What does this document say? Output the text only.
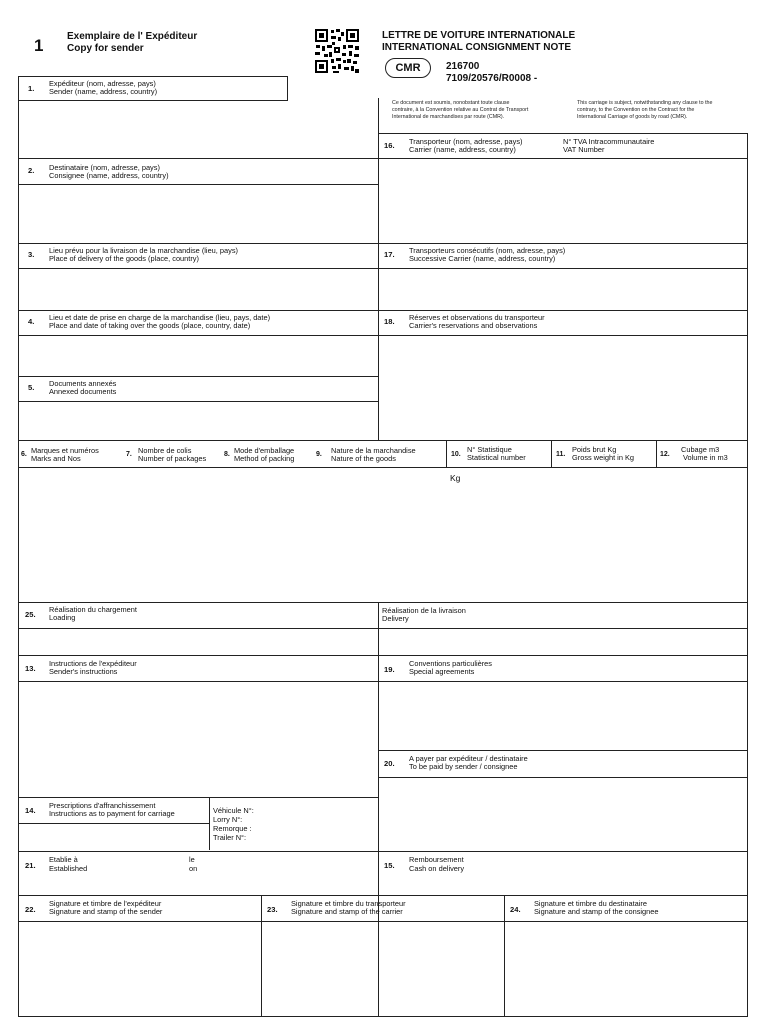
1 Exemplaire de l' Expéditeur
Copy for sender
LETTRE DE VOITURE INTERNATIONALE
INTERNATIONAL CONSIGNMENT NOTE
CMR	216700
7109/20576/R0008 -
1.
Expéditeur (nom, adresse, pays)
Sender (name, address, country)
Ce document est soumis, nonobstant toute clause
contraire, à la Convention relative au Contrat de Transport
International de marchandises par route (CMR).
This carriage is subject, notwithstanding any clause to the
contrary, to the Convention on the Contract for the
International Carriage of goods by road (CMR).
2. Destinataire (nom, adresse, pays)
Consignee (name, address, country)
3. Lieu prévu pour la livraison de la marchandise (lieu, pays)
Place of delivery of the goods (place, country)
4. Lieu et date de prise en charge de la marchandise (lieu, pays, date)
Place and date of taking over the goods (place, country, date)
5. Documents annexés
Annexed documents
16. Transporteur (nom, adresse, pays)
Carrier (name, address, country)
N° TVA Intracommunautaire
VAT Number
17. Transporteurs consécutifs (nom, adresse, pays)
Successive Carrier (name, address, country)
18. Réserves et observations du transporteur
Carrier's reservations and observations
6. Marques et numéros
Marks and Nos	7. Nombre de colis
Number of packages	8. Mode d'emballage
Method of packing	9. Nature de la marchandise
Nature of the goods	10.
N° Statistique
Statistical number	11.
Poids brut Kg
Gross weight in Kg	12.
Cubage m3
Volume in m3
Kg
25.
Réalisation du chargement
Loading
Réalisation de la livraison
Delivery
13.
Instructions de l'expéditeur
Sender's instructions	19.
Conventions particulières
Special agreements
20.
A payer par expéditeur / destinataire
To be paid by sender / consignee
14.
Prescriptions d'affranchissement
Instructions as to payment for carriage	Véhicule N°:
Lorry N°:
Remorque :
Trailer N°:
21.
Etablie à
Established
le
on	15.
Remboursement
Cash on delivery
22.
Signature et timbre de l'expéditeur
Signature and stamp of the sender	23.
Signature et timbre du transporteur
Signature and stamp of the carrier	24.
Signature et timbre du destinataire
Signature and stamp of the consignee
